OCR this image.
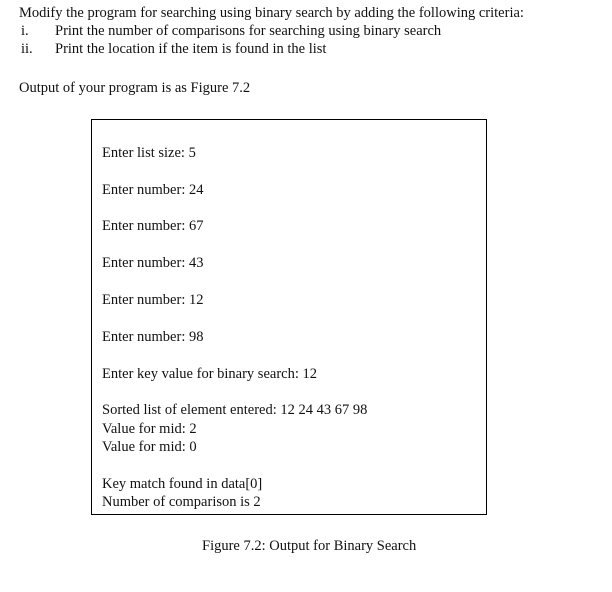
Modify the program for searching using binary search by adding the following criteria:
i.	Print the number of comparisons for searching using binary search
ii.	Print the location if the item is found in the list
Output of your program is as Figure 7.2
Enter list size: 5
Enter number: 24
Enter number: 67
Enter number: 43
Enter number: 12
Enter number: 98
Enter key value for binary search: 12
Sorted list of element entered: 12 24 43 67 98
Value for mid: 2
Value for mid: 0
Key match found in data[0]
Number of comparison is 2
Figure 7.2: Output for Binary Search
